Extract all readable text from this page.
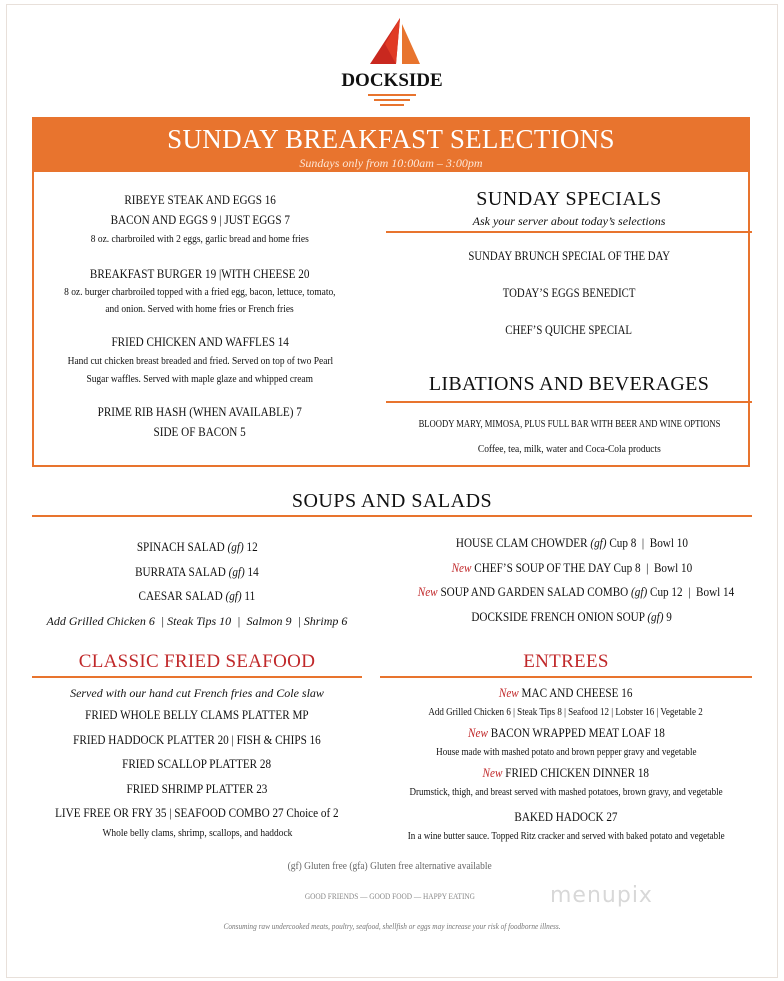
DOCKSIDE
SUNDAY BREAKFAST SELECTIONS
Sundays only from 10:00am – 3:00pm
RIBEYE STEAK AND EGGS 16
BACON AND EGGS 9 | JUST EGGS 7
8 oz. charbroiled with 2 eggs, garlic bread and home fries
BREAKFAST BURGER 19 |WITH CHEESE 20
8 oz. burger charbroiled topped with a fried egg, bacon, lettuce, tomato,
and onion. Served with home fries or French fries
FRIED CHICKEN AND WAFFLES 14
Hand cut chicken breast breaded and fried. Served on top of two Pearl
Sugar waffles. Served with maple glaze and whipped cream
PRIME RIB HASH (WHEN AVAILABLE) 7
SIDE OF BACON 5
SUNDAY SPECIALS
Ask your server about today’s selections
SUNDAY BRUNCH SPECIAL OF THE DAY
TODAY’S EGGS BENEDICT
CHEF’S QUICHE SPECIAL
LIBATIONS AND BEVERAGES
BLOODY MARY, MIMOSA, PLUS FULL BAR WITH BEER AND WINE OPTIONS
Coffee, tea, milk, water and Coca-Cola products
SOUPS AND SALADS
SPINACH SALAD (gf) 12
BURRATA SALAD (gf) 14
CAESAR SALAD (gf) 11
Add Grilled Chicken 6  | Steak Tips 10  |  Salmon 9  | Shrimp 6
HOUSE CLAM CHOWDER (gf) Cup 8  |  Bowl 10
New CHEF’S SOUP OF THE DAY Cup 8  |  Bowl 10
New SOUP AND GARDEN SALAD COMBO (gf) Cup 12  |  Bowl 14
DOCKSIDE FRENCH ONION SOUP (gf) 9
CLASSIC FRIED SEAFOOD
Served with our hand cut French fries and Cole slaw
FRIED WHOLE BELLY CLAMS PLATTER MP
FRIED HADDOCK PLATTER 20 | FISH & CHIPS 16
FRIED SCALLOP PLATTER 28
FRIED SHRIMP PLATTER 23
LIVE FREE OR FRY 35 | SEAFOOD COMBO 27 Choice of 2
Whole belly clams, shrimp, scallops, and haddock
ENTREES
New MAC AND CHEESE 16
Add Grilled Chicken 6 | Steak Tips 8 | Seafood 12 | Lobster 16 | Vegetable 2
New BACON WRAPPED MEAT LOAF 18
House made with mashed potato and brown pepper gravy and vegetable
New FRIED CHICKEN DINNER 18
Drumstick, thigh, and breast served with mashed potatoes, brown gravy, and vegetable
BAKED HADOCK 27
In a wine butter sauce. Topped Ritz cracker and served with baked potato and vegetable
(gf) Gluten free (gfa) Gluten free alternative available
GOOD FRIENDS — GOOD FOOD — HAPPY EATING	menupix
Consuming raw undercooked meats, poultry, seafood, shellfish or eggs may increase your risk of foodborne illness.
